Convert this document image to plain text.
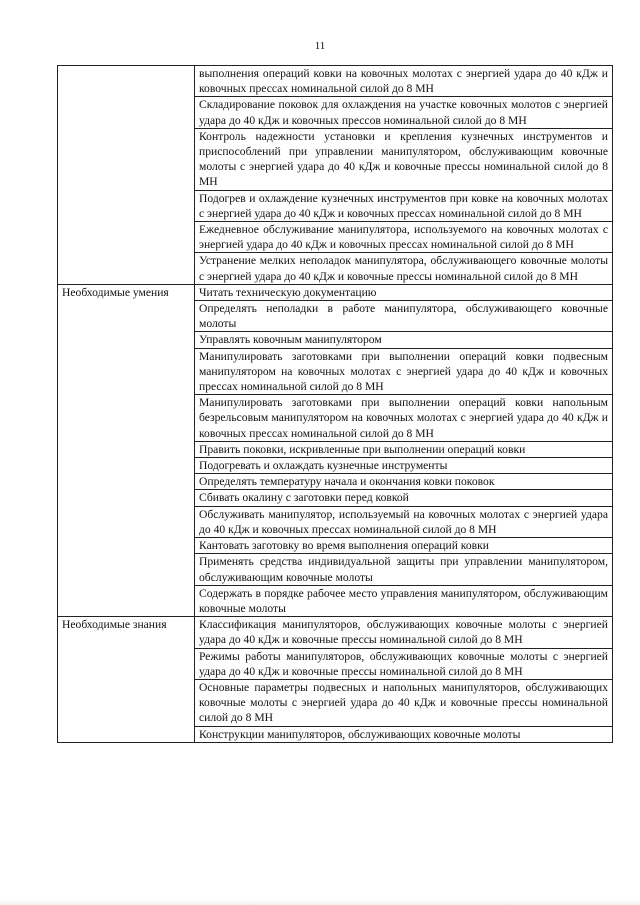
11
	выполнения операций ковки на ковочных молотах с энергией удара до 40 кДж и ковочных прессах номинальной силой до 8 МН
	Складирование поковок для охлаждения на участке ковочных молотов с энергией удара до 40 кДж и ковочных прессов номинальной силой до 8 МН
	Контроль надежности установки и крепления кузнечных инструментов и приспособлений при управлении манипулятором, обслуживающим ковочные молоты с энергией удара до 40 кДж и ковочные прессы номинальной силой до 8 МН
	Подогрев и охлаждение кузнечных инструментов при ковке на ковочных молотах с энергией удара до 40 кДж и ковочных прессах номинальной силой до 8 МН
	Ежедневное обслуживание манипулятора, используемого на ковочных молотах с энергией удара до 40 кДж и ковочных прессах номинальной силой до 8 МН
	Устранение мелких неполадок манипулятора, обслуживающего ковочные молоты с энергией удара до 40 кДж и ковочные прессы номинальной силой до 8 МН
Необходимые умения	Читать техническую документацию
	Определять неполадки в работе манипулятора, обслуживающего ковочные молоты
	Управлять ковочным манипулятором
	Манипулировать заготовками при выполнении операций ковки подвесным манипулятором на ковочных молотах с энергией удара до 40 кДж и ковочных прессах номинальной силой до 8 МН
	Манипулировать заготовками при выполнении операций ковки напольным безрельсовым манипулятором на ковочных молотах с энергией удара до 40 кДж и ковочных прессах номинальной силой до 8 МН
	Править поковки, искривленные при выполнении операций ковки
	Подогревать и охлаждать кузнечные инструменты
	Определять температуру начала и окончания ковки поковок
	Сбивать окалину с заготовки перед ковкой
	Обслуживать манипулятор, используемый на ковочных молотах с энергией удара до 40 кДж и ковочных прессах номинальной силой до 8 МН
	Кантовать заготовку во время выполнения операций ковки
	Применять средства индивидуальной защиты при управлении манипулятором, обслуживающим ковочные молоты
	Содержать в порядке рабочее место управления манипулятором, обслуживающим ковочные молоты
Необходимые знания	Классификация манипуляторов, обслуживающих ковочные молоты с энергией удара до 40 кДж и ковочные прессы номинальной силой до 8 МН
	Режимы работы манипуляторов, обслуживающих ковочные молоты с энергией удара до 40 кДж и ковочные прессы номинальной силой до 8 МН
	Основные параметры подвесных и напольных манипуляторов, обслуживающих ковочные молоты с энергией удара до 40 кДж и ковочные прессы номинальной силой до 8 МН
	Конструкции манипуляторов, обслуживающих ковочные молоты
